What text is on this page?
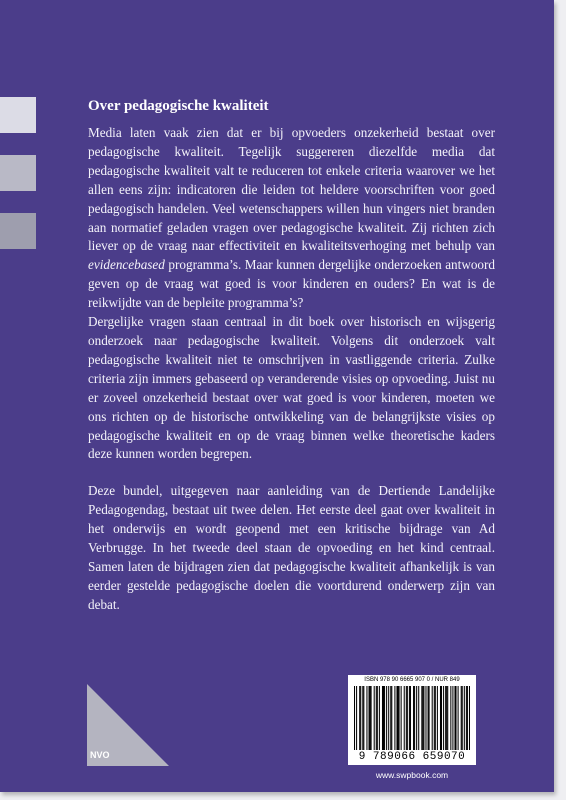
Over pedagogische kwaliteit

Media laten vaak zien dat er bij opvoeders onzekerheid bestaat over pedagogische kwaliteit. Tegelijk suggereren diezelfde media dat pedagogische kwaliteit valt te reduceren tot enkele criteria waarover we het allen eens zijn: indicatoren die leiden tot heldere voorschriften voor goed pedagogisch handelen. Veel wetenschappers willen hun vingers niet branden aan normatief geladen vragen over pedagogische kwaliteit. Zij richten zich liever op de vraag naar effectiviteit en kwaliteitsverhoging met behulp van evidencebased programma’s. Maar kunnen dergelijke onderzoeken antwoord geven op de vraag wat goed is voor kinderen en ouders? En wat is de reikwijdte van de bepleite programma’s?

Dergelijke vragen staan centraal in dit boek over historisch en wijsgerig onderzoek naar pedagogische kwaliteit. Volgens dit onderzoek valt pedagogische kwaliteit niet te omschrijven in vastliggende criteria. Zulke criteria zijn immers gebaseerd op veranderende visies op opvoeding. Juist nu er zoveel onzekerheid bestaat over wat goed is voor kinderen, moeten we ons richten op de historische ontwikkeling van de belangrijkste visies op pedagogische kwaliteit en op de vraag binnen welke theoretische kaders deze kunnen worden begrepen.

Deze bundel, uitgegeven naar aanleiding van de Dertiende Landelijke Pedagogendag, bestaat uit twee delen. Het eerste deel gaat over kwaliteit in het onderwijs en wordt geopend met een kritische bijdrage van Ad Verbrugge. In het tweede deel staan de opvoeding en het kind centraal. Samen laten de bijdragen zien dat pedagogische kwaliteit afhankelijk is van eerder gestelde pedagogische doelen die voortdurend onderwerp zijn van debat.

NVO
ISBN 978 90 6665 907 0 / NUR 849
9 789066 659070
www.swpbook.com
